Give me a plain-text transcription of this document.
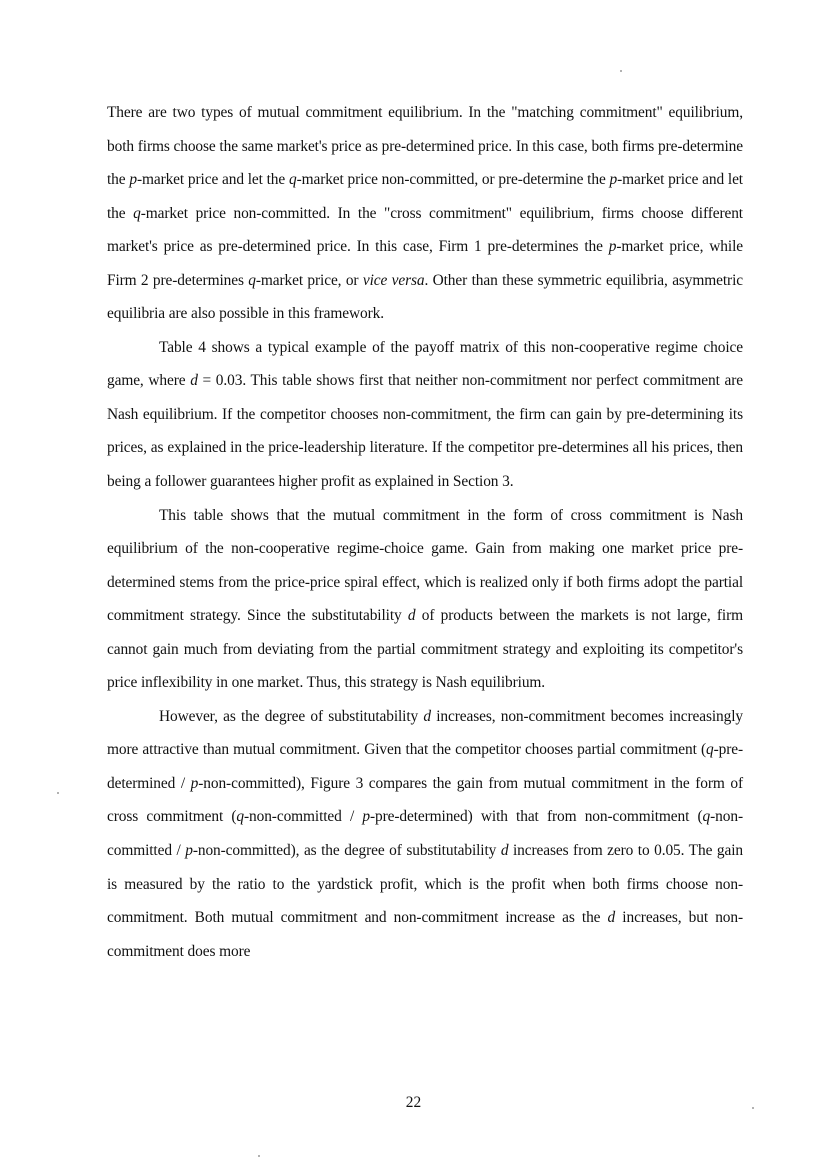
There are two types of mutual commitment equilibrium. In the "matching commitment" equilibrium, both firms choose the same market's price as pre-determined price. In this case, both firms pre-determine the p-market price and let the q-market price non-committed, or pre-determine the p-market price and let the q-market price non-committed. In the "cross commitment" equilibrium, firms choose different market's price as pre-determined price. In this case, Firm 1 pre-determines the p-market price, while Firm 2 pre-determines q-market price, or vice versa. Other than these symmetric equilibria, asymmetric equilibria are also possible in this framework.

Table 4 shows a typical example of the payoff matrix of this non-cooperative regime choice game, where d = 0.03. This table shows first that neither non-commitment nor perfect commitment are Nash equilibrium. If the competitor chooses non-commitment, the firm can gain by pre-determining its prices, as explained in the price-leadership literature. If the competitor pre-determines all his prices, then being a follower guarantees higher profit as explained in Section 3.

This table shows that the mutual commitment in the form of cross commitment is Nash equilibrium of the non-cooperative regime-choice game. Gain from making one market price pre-determined stems from the price-price spiral effect, which is realized only if both firms adopt the partial commitment strategy. Since the substitutability d of products between the markets is not large, firm cannot gain much from deviating from the partial commitment strategy and exploiting its competitor's price inflexibility in one market. Thus, this strategy is Nash equilibrium.

However, as the degree of substitutability d increases, non-commitment becomes increasingly more attractive than mutual commitment. Given that the competitor chooses partial commitment (q-pre-determined / p-non-committed), Figure 3 compares the gain from mutual commitment in the form of cross commitment (q-non-committed / p-pre-determined) with that from non-commitment (q-non-committed / p-non-committed), as the degree of substitutability d increases from zero to 0.05. The gain is measured by the ratio to the yardstick profit, which is the profit when both firms choose non-commitment. Both mutual commitment and non-commitment increase as the d increases, but non-commitment does more

22
